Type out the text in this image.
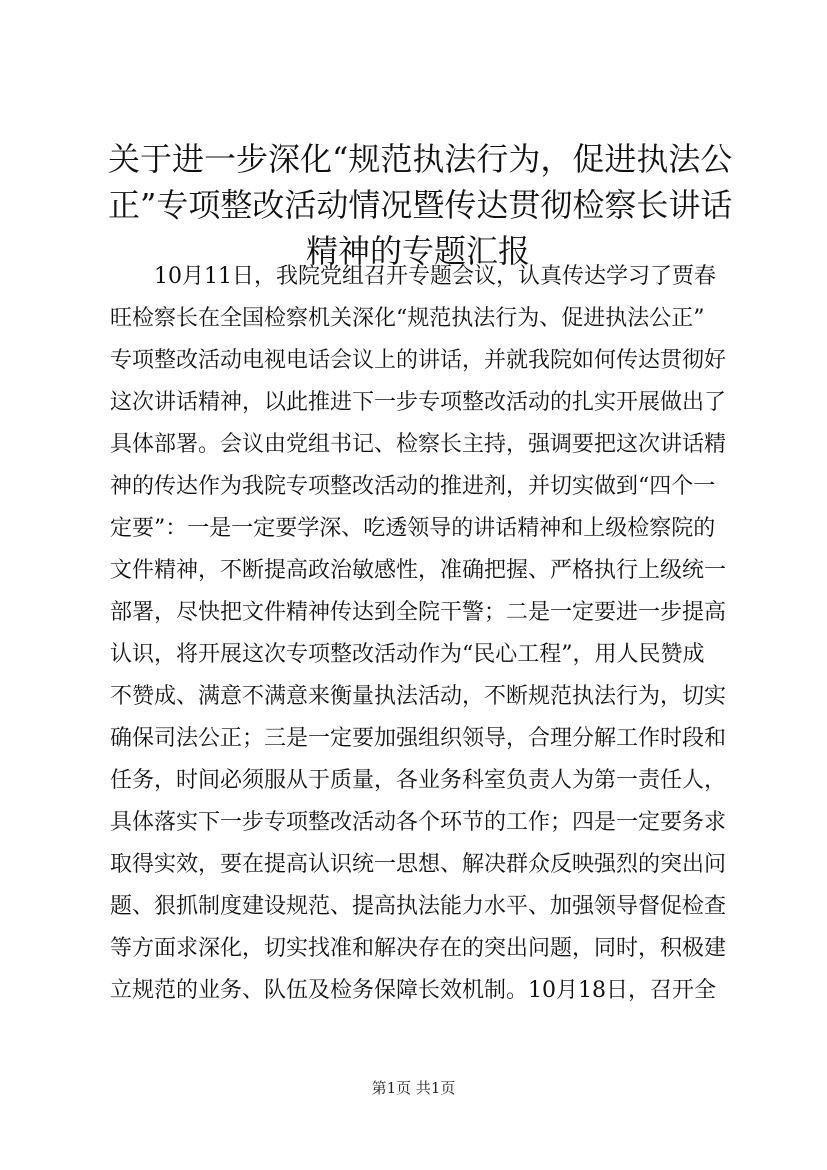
关于进一步深化“规范执法行为，促进执法公
正”专项整改活动情况暨传达贯彻检察长讲话
精神的专题汇报
10月11日，我院党组召开专题会议，认真传达学习了贾春
旺检察长在全国检察机关深化“规范执法行为、促进执法公正”
专项整改活动电视电话会议上的讲话，并就我院如何传达贯彻好
这次讲话精神，以此推进下一步专项整改活动的扎实开展做出了
具体部署。会议由党组书记、检察长主持，强调要把这次讲话精
神的传达作为我院专项整改活动的推进剂，并切实做到“四个一
定要”：一是一定要学深、吃透领导的讲话精神和上级检察院的
文件精神，不断提高政治敏感性，准确把握、严格执行上级统一
部署，尽快把文件精神传达到全院干警；二是一定要进一步提高
认识，将开展这次专项整改活动作为“民心工程”，用人民赞成
不赞成、满意不满意来衡量执法活动，不断规范执法行为，切实
确保司法公正；三是一定要加强组织领导，合理分解工作时段和
任务，时间必须服从于质量，各业务科室负责人为第一责任人，
具体落实下一步专项整改活动各个环节的工作；四是一定要务求
取得实效，要在提高认识统一思想、解决群众反映强烈的突出问
题、狠抓制度建设规范、提高执法能力水平、加强领导督促检查
等方面求深化，切实找准和解决存在的突出问题，同时，积极建
立规范的业务、队伍及检务保障长效机制。10月18日，召开全
第1页 共1页
